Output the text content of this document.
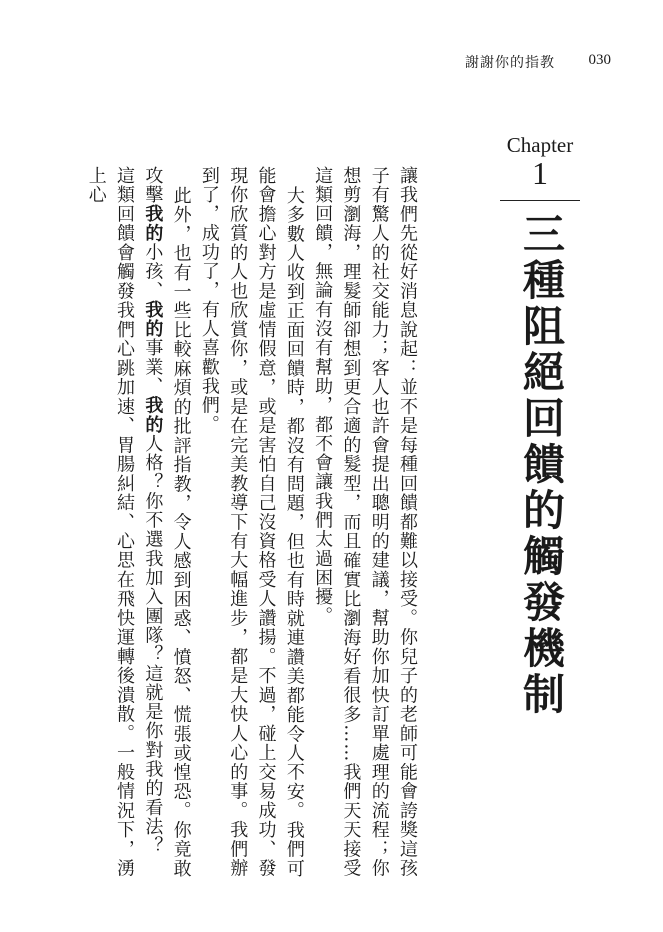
謝謝你的指教 030
Chapter
1
三種阻絕回饋的觸發機制

讓我們先從好消息說起：並不是每種回饋都難以接受。你兒子的老師可能會誇獎這孩子有驚人的社交能力；客人也許會提出聰明的建議，幫助你加快訂單處理的流程；你想剪瀏海，理髮師卻想到更合適的髮型，而且確實比瀏海好看很多……我們天天接受這類回饋，無論有沒有幫助，都不會讓我們太過困擾。

大多數人收到正面回饋時，都沒有問題，但也有時就連讚美都能令人不安。我們可能會擔心對方是虛情假意，或是害怕自己沒資格受人讚揚。不過，碰上交易成功、發現你欣賞的人也欣賞你，或是在完美教導下有大幅進步，都是大快人心的事。我們辦到了，成功了，有人喜歡我們。

此外，也有一些比較麻煩的批評指教，令人感到困惑、憤怒、慌張或惶恐。你竟敢攻擊我的小孩、我的事業、我的人格？你不選我加入團隊？這就是你對我的看法？

這類回饋會觸發我們心跳加速、胃腸糾結、心思在飛快運轉後潰散。一般情況下，湧上心
